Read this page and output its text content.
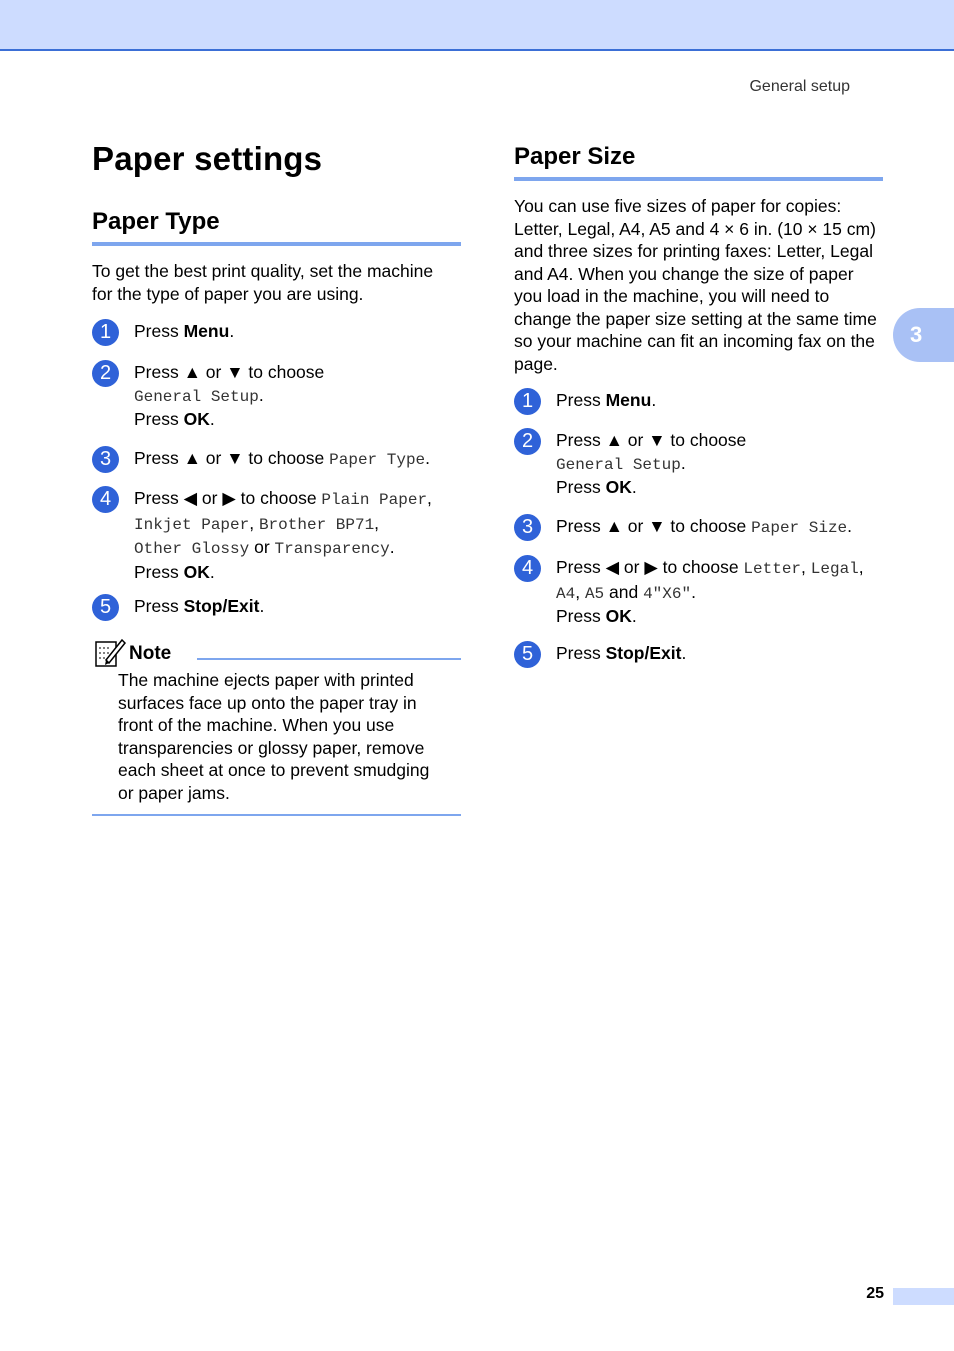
General setup
3
Paper settings
Paper Type

To get the best print quality, set the machine
for the type of paper you are using.

1	Press Menu.
2	Press ▲ or ▼ to choose
General Setup.
Press OK.
3	Press ▲ or ▼ to choose Paper Type.
4	Press ◀ or ▶ to choose Plain Paper,
Inkjet Paper, Brother BP71,
Other Glossy or Transparency.
Press OK.
5	Press Stop/Exit.
Note

The machine ejects paper with printed
surfaces face up onto the paper tray in
front of the machine. When you use
transparencies or glossy paper, remove
each sheet at once to prevent smudging
or paper jams.

Paper Size

You can use five sizes of paper for copies:
Letter, Legal, A4, A5 and 4 × 6 in. (10 × 15 cm)
and three sizes for printing faxes: Letter, Legal
and A4. When you change the size of paper
you load in the machine, you will need to
change the paper size setting at the same time
so your machine can fit an incoming fax on the
page.

1	Press Menu.
2	Press ▲ or ▼ to choose
General Setup.
Press OK.
3	Press ▲ or ▼ to choose Paper Size.
4	Press ◀ or ▶ to choose Letter, Legal,
A4, A5 and 4"X6".
Press OK.
5	Press Stop/Exit.
25
